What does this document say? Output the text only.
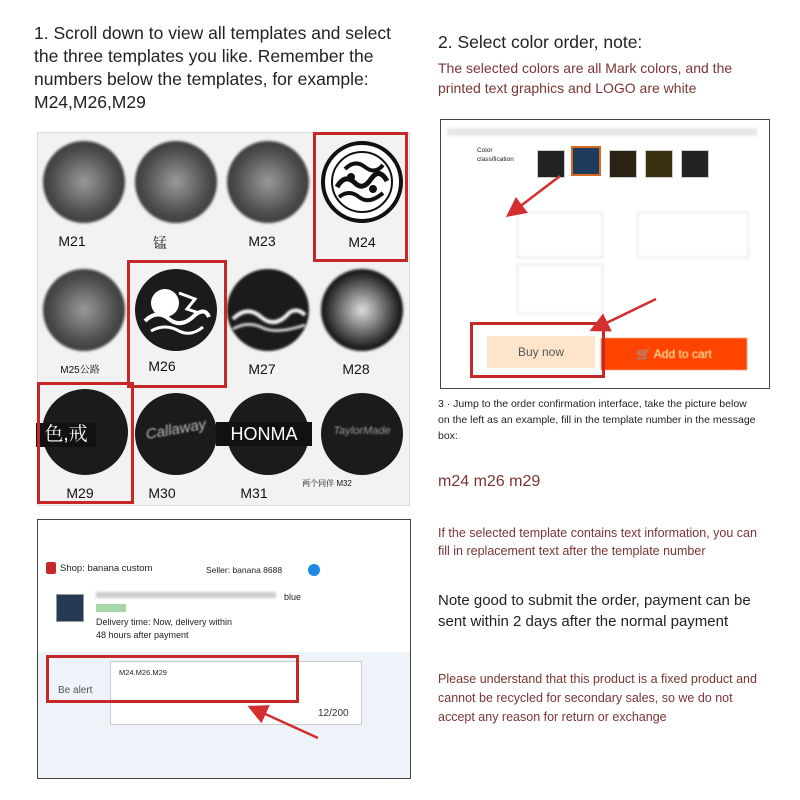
1. Scroll down to view all templates and select the three templates you like. Remember the numbers below the templates, for example: M24,M26,M29
M21	锰	M23	M24
M25公路	M26	M27	M28
色,戒
M29
Callaway
M30
HONMA
M31
TaylorMade
两个同伴 M32
2. Select color order, note:
The selected colors are all Mark colors, and the printed text graphics and LOGO are white
Color classification
Buy now	🛒 Add to cart
3 · Jump to the order confirmation interface, take the picture below on the left as an example, fill in the template number in the message box:
m24 m26 m29
If the selected template contains text information, you can fill in replacement text after the template number
Note good to submit the order, payment can be sent within 2 days after the normal payment
Please understand that this product is a fixed product and cannot be recycled for secondary sales, so we do not accept any reason for return or exchange
Shop: banana custom	Seller: banana 8688
blue
Delivery time: Now, delivery within 48 hours after payment
M24.M26.M29
Be alert
12/200
